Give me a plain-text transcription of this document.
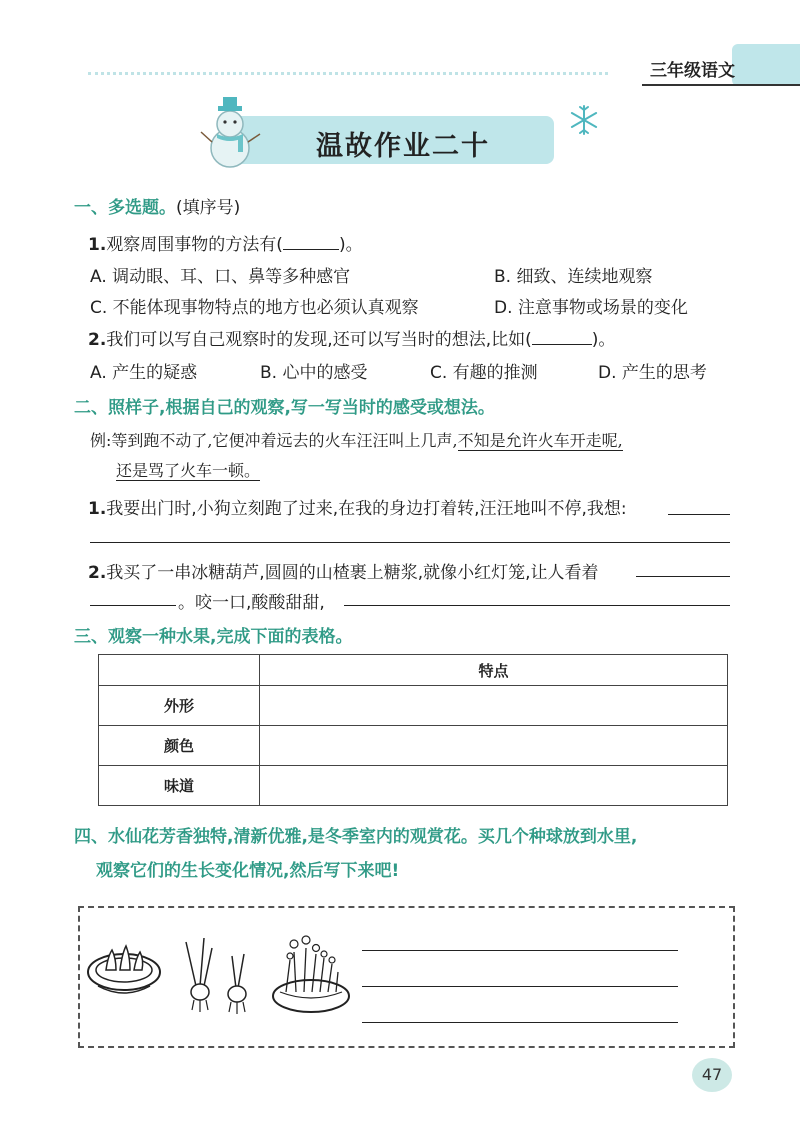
三年级语文
温故作业二十
一、多选题。(填序号)
1.观察周围事物的方法有(	)。
A. 调动眼、耳、口、鼻等多种感官	B. 细致、连续地观察
C. 不能体现事物特点的地方也必须认真观察	D. 注意事物或场景的变化
2.我们可以写自己观察时的发现,还可以写当时的想法,比如(	)。
A. 产生的疑惑	B. 心中的感受	C. 有趣的推测	D. 产生的思考
二、照样子,根据自己的观察,写一写当时的感受或想法。
例:等到跑不动了,它便冲着远去的火车汪汪叫上几声,不知是允许火车开走呢,
还是骂了火车一顿。
1.我要出门时,小狗立刻跑了过来,在我的身边打着转,汪汪地叫不停,我想:
2.我买了一串冰糖葫芦,圆圆的山楂裹上糖浆,就像小红灯笼,让人看着
。咬一口,酸酸甜甜,
三、观察一种水果,完成下面的表格。
	特点
外形	
颜色	
味道	
四、水仙花芳香独特,清新优雅,是冬季室内的观赏花。买几个种球放到水里,
观察它们的生长变化情况,然后写下来吧!
47
